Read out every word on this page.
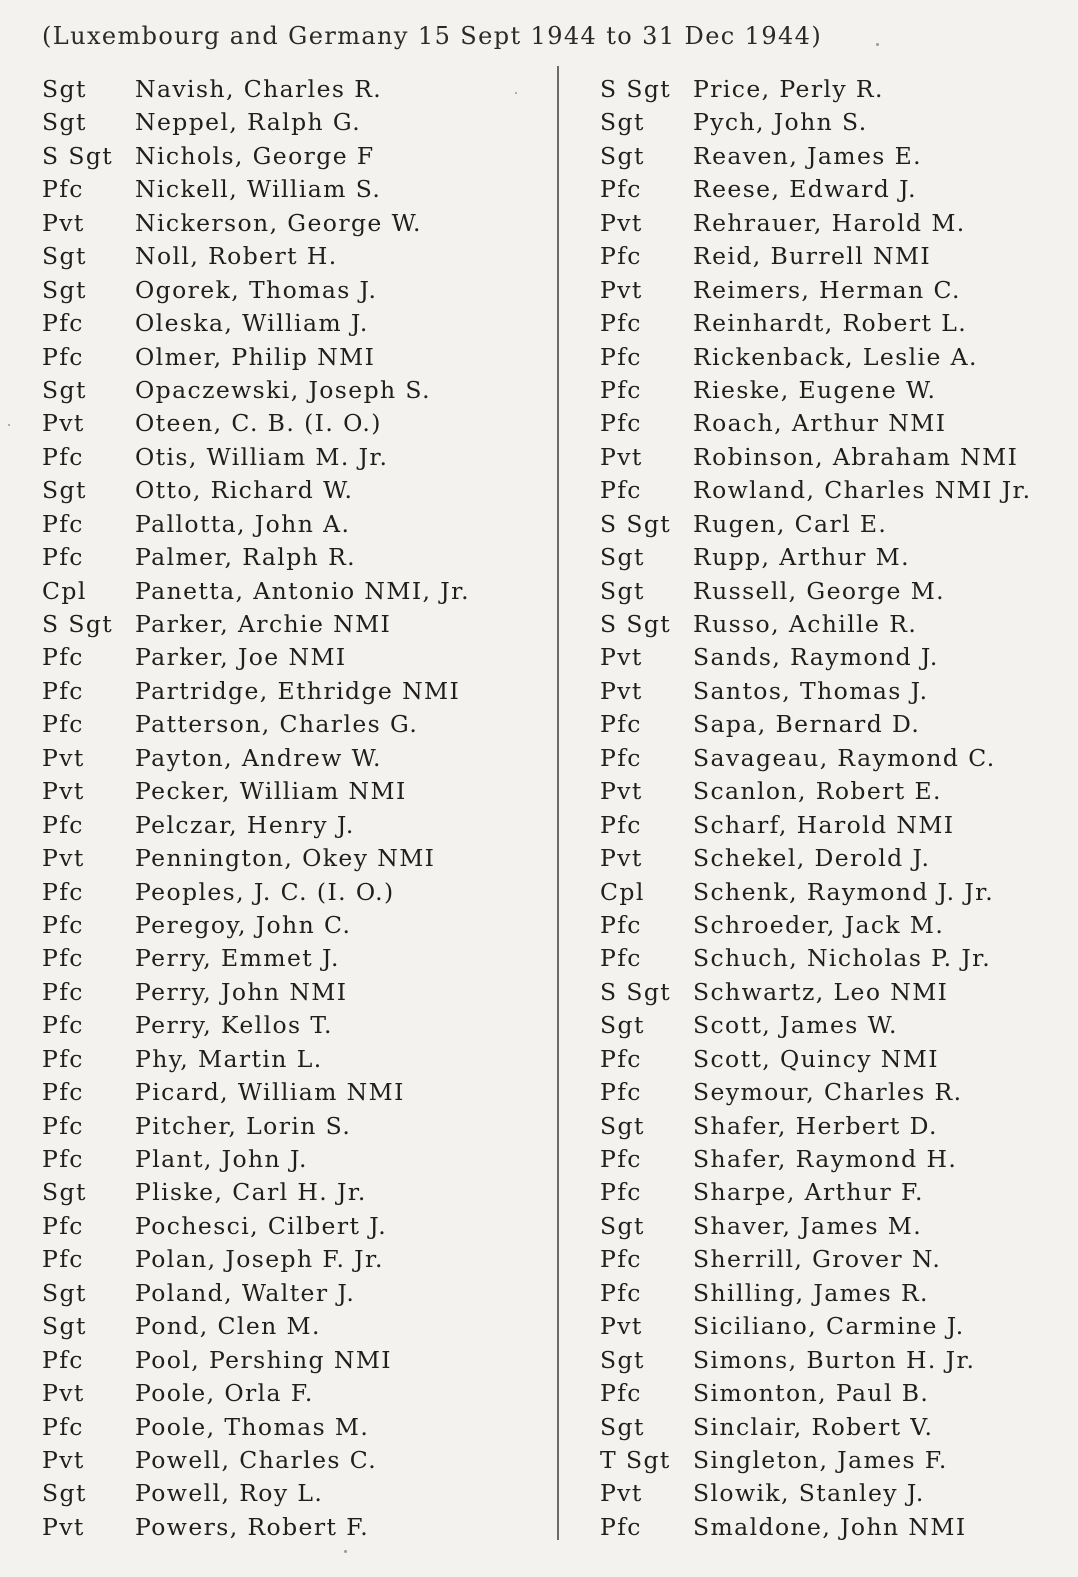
(Luxembourg and Germany 15 Sept 1944 to 31 Dec 1944)
Sgt Navish, Charles R.
Sgt Neppel, Ralph G.
S Sgt Nichols, George F
Pfc Nickell, William S.
Pvt Nickerson, George W.
Sgt Noll, Robert H.
Sgt Ogorek, Thomas J.
Pfc Oleska, William J.
Pfc Olmer, Philip NMI
Sgt Opaczewski, Joseph S.
Pvt Oteen, C. B. (I. O.)
Pfc Otis, William M. Jr.
Sgt Otto, Richard W.
Pfc Pallotta, John A.
Pfc Palmer, Ralph R.
Cpl Panetta, Antonio NMI, Jr.
S Sgt Parker, Archie NMI
Pfc Parker, Joe NMI
Pfc Partridge, Ethridge NMI
Pfc Patterson, Charles G.
Pvt Payton, Andrew W.
Pvt Pecker, William NMI
Pfc Pelczar, Henry J.
Pvt Pennington, Okey NMI
Pfc Peoples, J. C. (I. O.)
Pfc Peregoy, John C.
Pfc Perry, Emmet J.
Pfc Perry, John NMI
Pfc Perry, Kellos T.
Pfc Phy, Martin L.
Pfc Picard, William NMI
Pfc Pitcher, Lorin S.
Pfc Plant, John J.
Sgt Pliske, Carl H. Jr.
Pfc Pochesci, Cilbert J.
Pfc Polan, Joseph F. Jr.
Sgt Poland, Walter J.
Sgt Pond, Clen M.
Pfc Pool, Pershing NMI
Pvt Poole, Orla F.
Pfc Poole, Thomas M.
Pvt Powell, Charles C.
Sgt Powell, Roy L.
Pvt Powers, Robert F.
S Sgt Price, Perly R.
Sgt Pych, John S.
Sgt Reaven, James E.
Pfc Reese, Edward J.
Pvt Rehrauer, Harold M.
Pfc Reid, Burrell NMI
Pvt Reimers, Herman C.
Pfc Reinhardt, Robert L.
Pfc Rickenback, Leslie A.
Pfc Rieske, Eugene W.
Pfc Roach, Arthur NMI
Pvt Robinson, Abraham NMI
Pfc Rowland, Charles NMI Jr.
S Sgt Rugen, Carl E.
Sgt Rupp, Arthur M.
Sgt Russell, George M.
S Sgt Russo, Achille R.
Pvt Sands, Raymond J.
Pvt Santos, Thomas J.
Pfc Sapa, Bernard D.
Pfc Savageau, Raymond C.
Pvt Scanlon, Robert E.
Pfc Scharf, Harold NMI
Pvt Schekel, Derold J.
Cpl Schenk, Raymond J. Jr.
Pfc Schroeder, Jack M.
Pfc Schuch, Nicholas P. Jr.
S Sgt Schwartz, Leo NMI
Sgt Scott, James W.
Pfc Scott, Quincy NMI
Pfc Seymour, Charles R.
Sgt Shafer, Herbert D.
Pfc Shafer, Raymond H.
Pfc Sharpe, Arthur F.
Sgt Shaver, James M.
Pfc Sherrill, Grover N.
Pfc Shilling, James R.
Pvt Siciliano, Carmine J.
Sgt Simons, Burton H. Jr.
Pfc Simonton, Paul B.
Sgt Sinclair, Robert V.
T Sgt Singleton, James F.
Pvt Slowik, Stanley J.
Pfc Smaldone, John NMI
